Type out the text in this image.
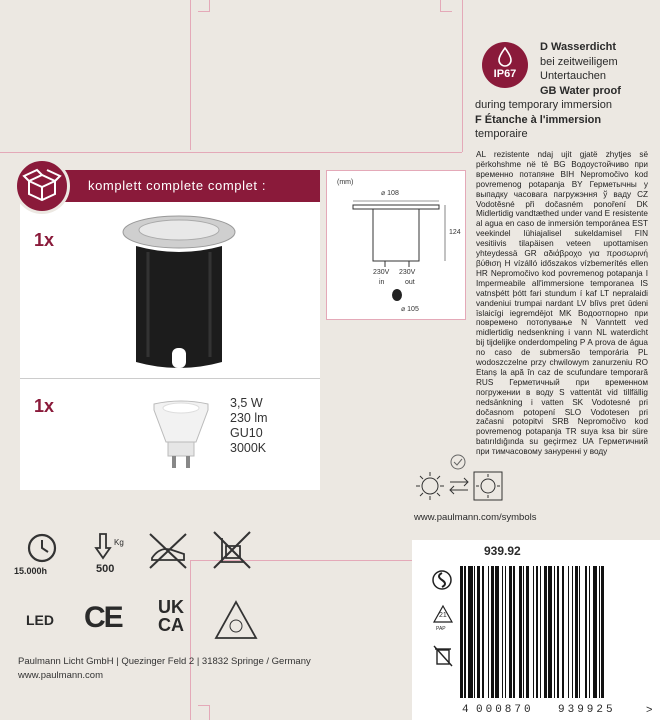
komplett complete complet :
1x
1x	3,5 W
230 lm
GU10
3000K
IP67
D Wasserdicht
bei zeitweiligem
Untertauchen
GB Water proof
during temporary immersion
F Étanche à l'immersion
temporaire
AL rezistente ndaj ujit gjatë zhytjes së përkohshme në të BG Водоустойчиво при временно потапяне BIH Nepromočivo kod povremenog potapanja BY Герметычны у выпадку часовага пагружэння ў ваду CZ Vodotěsné při dočasném ponoření DK Midlertidig vandtæthed under vand E resistente al agua en caso de inmersión temporánea EST veekindel lühiajalisel sukeldamisel FIN vesitiivis tilapäisen veteen upottamisen yhteydessä GR αδιάβροχο για προσωρινή βύθιση H vízálló időszakos vízbemerítés ellen HR Nepromočivo kod povremenog potapanja I Impermeabile all'immersione temporanea IS vatnsþétt þótt fari stundum í kaf LT nepralaidi vandeniui trumpai nardant LV blīvs pret ūdeni īslaicīgi iegremdējot MK Водоотпорно при повремено потопување N Vanntett ved midlertidig nedsenkning i vann NL waterdicht bij tijdelijke onderdompeling P A prova de água no caso de submersão temporária PL wodoszczelne przy chwilowym zanurzeniu RO Etanș la apă în caz de scufundare temporară RUS Герметичный при временном погружении в воду S vattentät vid tillfällig nedsänkning i vatten SK Vodotesné pri dočasnom potopení SLO Vodotesen pri začasni potopitvi SRB Nepromočivo kod povremenog potapanja TR suya ksa bir süre batırıldığında su geçirmez UA Герметичний при тимчасовому зануренні у воду
(mm)
⌀ 108
124
230V
in
230V
out
⌀ 105
www.paulmann.com/symbols
15.000h
Kg
500
LED CE	UK
CA
Paulmann Licht GmbH | Quezinger Feld 2 | 31832 Springe / Germany
www.paulmann.com
939.92
21
PAP
4 000870 939925	>
